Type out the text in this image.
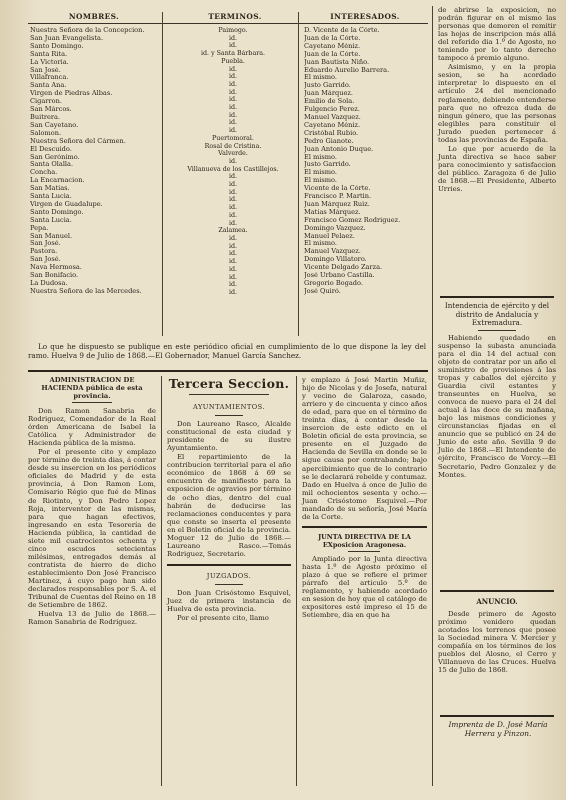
NOMBRES.	TERMINOS.	INTERESADOS.
Nuestra Señora de la Concepcion.
San Juan Evangelista.
Santo Domingo.
Santa Rita.
La Victoria.
San José.
Villafranca.
Santa Ana.
Virgen de Piedras Albas.
Cigarron.
San Márcos.
Buitrera.
San Cayetano.
Salomon.
Nuestra Señora del Cármen.
El Descuido.
San Gerónimo.
Santa Olalla.
Concha.
La Encarnacion.
San Matias.
Santa Lucia.
Virgen de Guadalupe.
Santo Domingo.
Santa Lucia.
Pepa.
San Manuel.
San José.
Pastora.
San José.
Nava Hermosa.
San Bonifacio.
La Dudosa.
Nuestra Señora de las Mercedes.
Paimogo.
id.
id.
id. y Santa Bárbara.
Puebla.
id.
id.
id.
id.
id.
id.
id.
id.
id.
Puertomoral.
Rosal de Cristina.
Valverde.
id.
Villanueva de los Castillejos.
id.
id.
id.
id.
id.
id.
id.
Zalamea.
id.
id.
id.
id.
id.
id.
id.
id.
D. Vicente de la Córte.
Juan de la Córte.
Cayetano Méniz.
Juan de la Córte.
Juan Bautista Niño.
Eduardo Aurelio Barrera.
El mismo.
Justo Garrido.
Juan Márquez.
Emilio de Sola.
Fulgencio Perez.
Manuel Vazquez.
Cayetano Méniz.
Cristóbal Rubio.
Pedro Gianote.
Juan Antonio Duque.
El mismo.
Justo Garrido.
El mismo.
El mismo.
Vicente de la Córte.
Francisco P. Martin.
Juan Márquez Ruiz.
Matias Márquez.
Francisco Gomez Rodriguez.
Domingo Vazquez.
Manuel Pelaez.
El mismo.
Manuel Vazquez.
Domingo Villatoro.
Vicente Delgado Zarza.
José Urbano Castilla.
Gregorio Bogado.
José Quiró.

Lo que he dispuesto se publique en este periódico oficial en cumplimiento de lo que dispone la ley del ramo. Huelva 9 de Julio de 1868.—El Gobernador, Manuel García Sanchez.

de abrirse la exposicion, no podrán figurar en el mismo las personas que demoren el remitir las hojas de inscripcion más allá del referido dia 1.º de Agosto, no teniendo por lo tanto derecho tampoco á premio alguno.

Asimismo, y en la propia sesion, se ha acordado interpretar lo dispuesto en el artículo 24 del mencionado reglamento, debiendo entenderse para que no ofrezca duda de ningun género, que las personas elegibles para constituir el Jurado pueden pertenecer á todas las provincias de España.

Lo que por acuerdo de la Junta directiva se hace saber para conocimiento y satisfaccion del público. Zaragoza 6 de Julio de 1868.—El Presidente, Alberto Urries.

Intendencia de ejército y del distrito de Andalucía y Extremadura.

Habiendo quedado en suspenso la subasta anunciada para el dia 14 del actual con objeto de contratar por un año el suministro de provisiones á las tropas y caballos del ejército y Guardia civil estantes y transeuntes en Huelva, se convoca de nuevo para el 24 del actual á las doce de su mañana, bajo las mismas condiciones y circunstancias fijadas en el anuncio que se publicó en 24 de Junio de este año. Sevilla 9 de Julio de 1868.—El Intendente de ejército, Francisco de Vorcy.—El Secretario, Pedro Gonzalez y de Montes.

ANUNCIO.

Desde primero de Agosto próximo venidero quedan acotados los terrenos que posee la Sociedad minera V. Mercier y compañía en los términos de los pueblos del Alosno, el Cerro y Villanueva de las Cruces. Huelva 15 de Julio de 1868.

Imprenta de D. José María Herrera y Pinzon.

ADMINISTRACION DE HACIENDA pública de esta provincia.

Don Ramon Sanabria de Rodriguez, Comendador de la Real órden Americana de Isabel la Católica y Administrador de Hacienda pública de la misma.

Por el presente cito y emplazo por término de treinta dias, á contar desde su insercion en los periódicos oficiales de Madrid y de esta provincia, á Don Ramon Lom, Comisario Régio que fué de Minas de Riotinto, y Don Pedro Lopez Roja, interventor de las mismas, para que hagan efectivos, ingresando en esta Tesorería de Hacienda pública, la cantidad de siete mil cuatrocientos ochenta y cinco escudos setecientas milésimas, entregados demás al contratista de hierro de dicho establecimiento Don José Francisco Martinez, á cuyo pago han sido declarados responsables por S. A. el Tribunal de Cuentas del Reino en 18 de Setiembre de 1862.

Huelva 13 de Julio de 1868.—Ramon Sanabria de Rodriguez.

Tercera Seccion.

AYUNTAMIENTOS.

Don Laureano Rasco, Alcalde constitucional de esta ciudad y presidente de su ilustre Ayuntamiento.

El repartimiento de la contribucion territorial para el año económico de 1868 á 69 se encuentra de manifiesto para la exposicion de agravios por término de ocho dias, dentro del cual habrán de deducirse las reclamaciones conducentes y para que conste se inserta el presente en el Boletin oficial de la provincia. Moguer 12 de Julio de 1868.—Laureano Rasco.—Tomás Rodriguez, Secretario.

JUZGADOS.

Don Juan Crisóstomo Esquivel, Juez de primera instancia de Huelva de esta provincia.

Por el presente cito, llamo

y emplazo á José Martin Muñiz, hijo de Nicolas y de Josefa, natural y vecino de Galaroza, casado, arriero y de cincuenta y cinco años de edad, para que en el término de treinta dias, á contar desde la insercion de este edicto en el Boletin oficial de esta provincia, se presente en el Juzgado de Hacienda de Sevilla en donde se le sigue causa por contrabando; bajo apercibimiento que de lo contrario se le declarará rebelde y contumaz. Dado en Huelva á once de Julio de mil ochocientos sesenta y ocho.—Juan Crisóstomo Esquivel.—Por mandado de su señoría, José María de la Corte.

JUNTA DIRECTIVA DE LA EXposicion Aragonesa.

Ampliado por la Junta directiva hasta 1.º de Agosto próximo el plazo á que se refiere el primer párrafo del artículo 5.º de reglamento, y habiendo acordado en sesion de hoy que el catálogo de expositores esté impreso el 15 de Setiembre, dia en que ha
